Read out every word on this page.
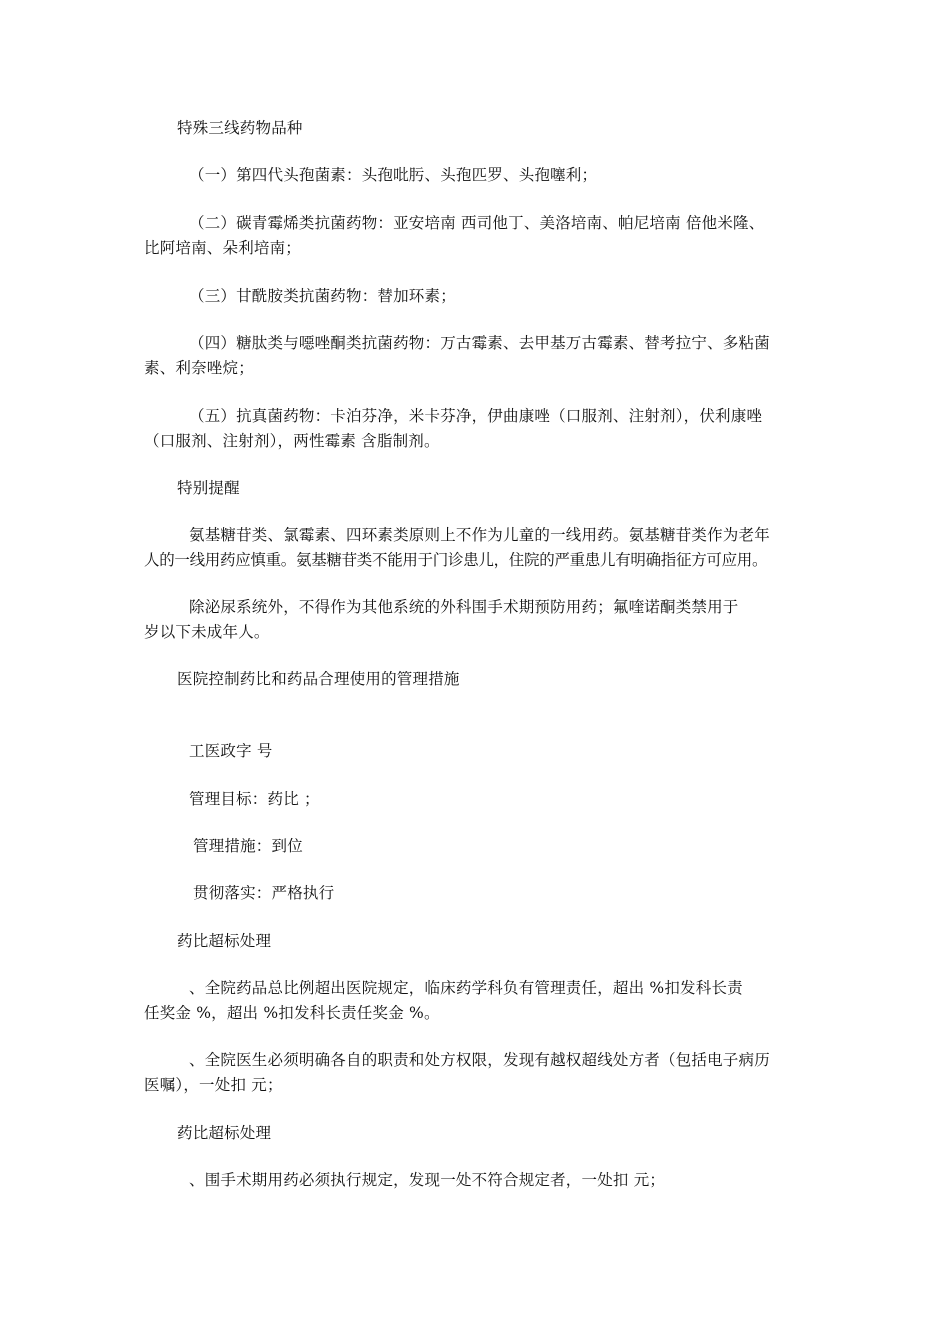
特殊三线药物品种
（一）第四代头孢菌素：头孢吡肟、头孢匹罗、头孢噻利；
（二）碳青霉烯类抗菌药物：亚安培南 西司他丁、美洛培南、帕尼培南 倍他米隆、
比阿培南、朵利培南；
（三）甘酰胺类抗菌药物：替加环素；
（四）糖肽类与噁唑酮类抗菌药物：万古霉素、去甲基万古霉素、替考拉宁、多粘菌
素、利奈唑烷；
（五）抗真菌药物：卡泊芬净，米卡芬净，伊曲康唑（口服剂、注射剂），伏利康唑
（口服剂、注射剂），两性霉素 含脂制剂。
特别提醒
氨基糖苷类、氯霉素、四环素类原则上不作为儿童的一线用药。氨基糖苷类作为老年
人的一线用药应慎重。氨基糖苷类不能用于门诊患儿，住院的严重患儿有明确指征方可应用。
除泌尿系统外，不得作为其他系统的外科围手术期预防用药；氟喹诺酮类禁用于
岁以下未成年人。
医院控制药比和药品合理使用的管理措施
工医政字 号
管理目标：药比 ；
管理措施：到位
贯彻落实：严格执行
药比超标处理
、全院药品总比例超出医院规定，临床药学科负有管理责任，超出 %扣发科长责
任奖金 %，超出 %扣发科长责任奖金 %。
、全院医生必须明确各自的职责和处方权限，发现有越权超线处方者（包括电子病历
医嘱），一处扣 元；
药比超标处理
、围手术期用药必须执行规定，发现一处不符合规定者，一处扣 元；
